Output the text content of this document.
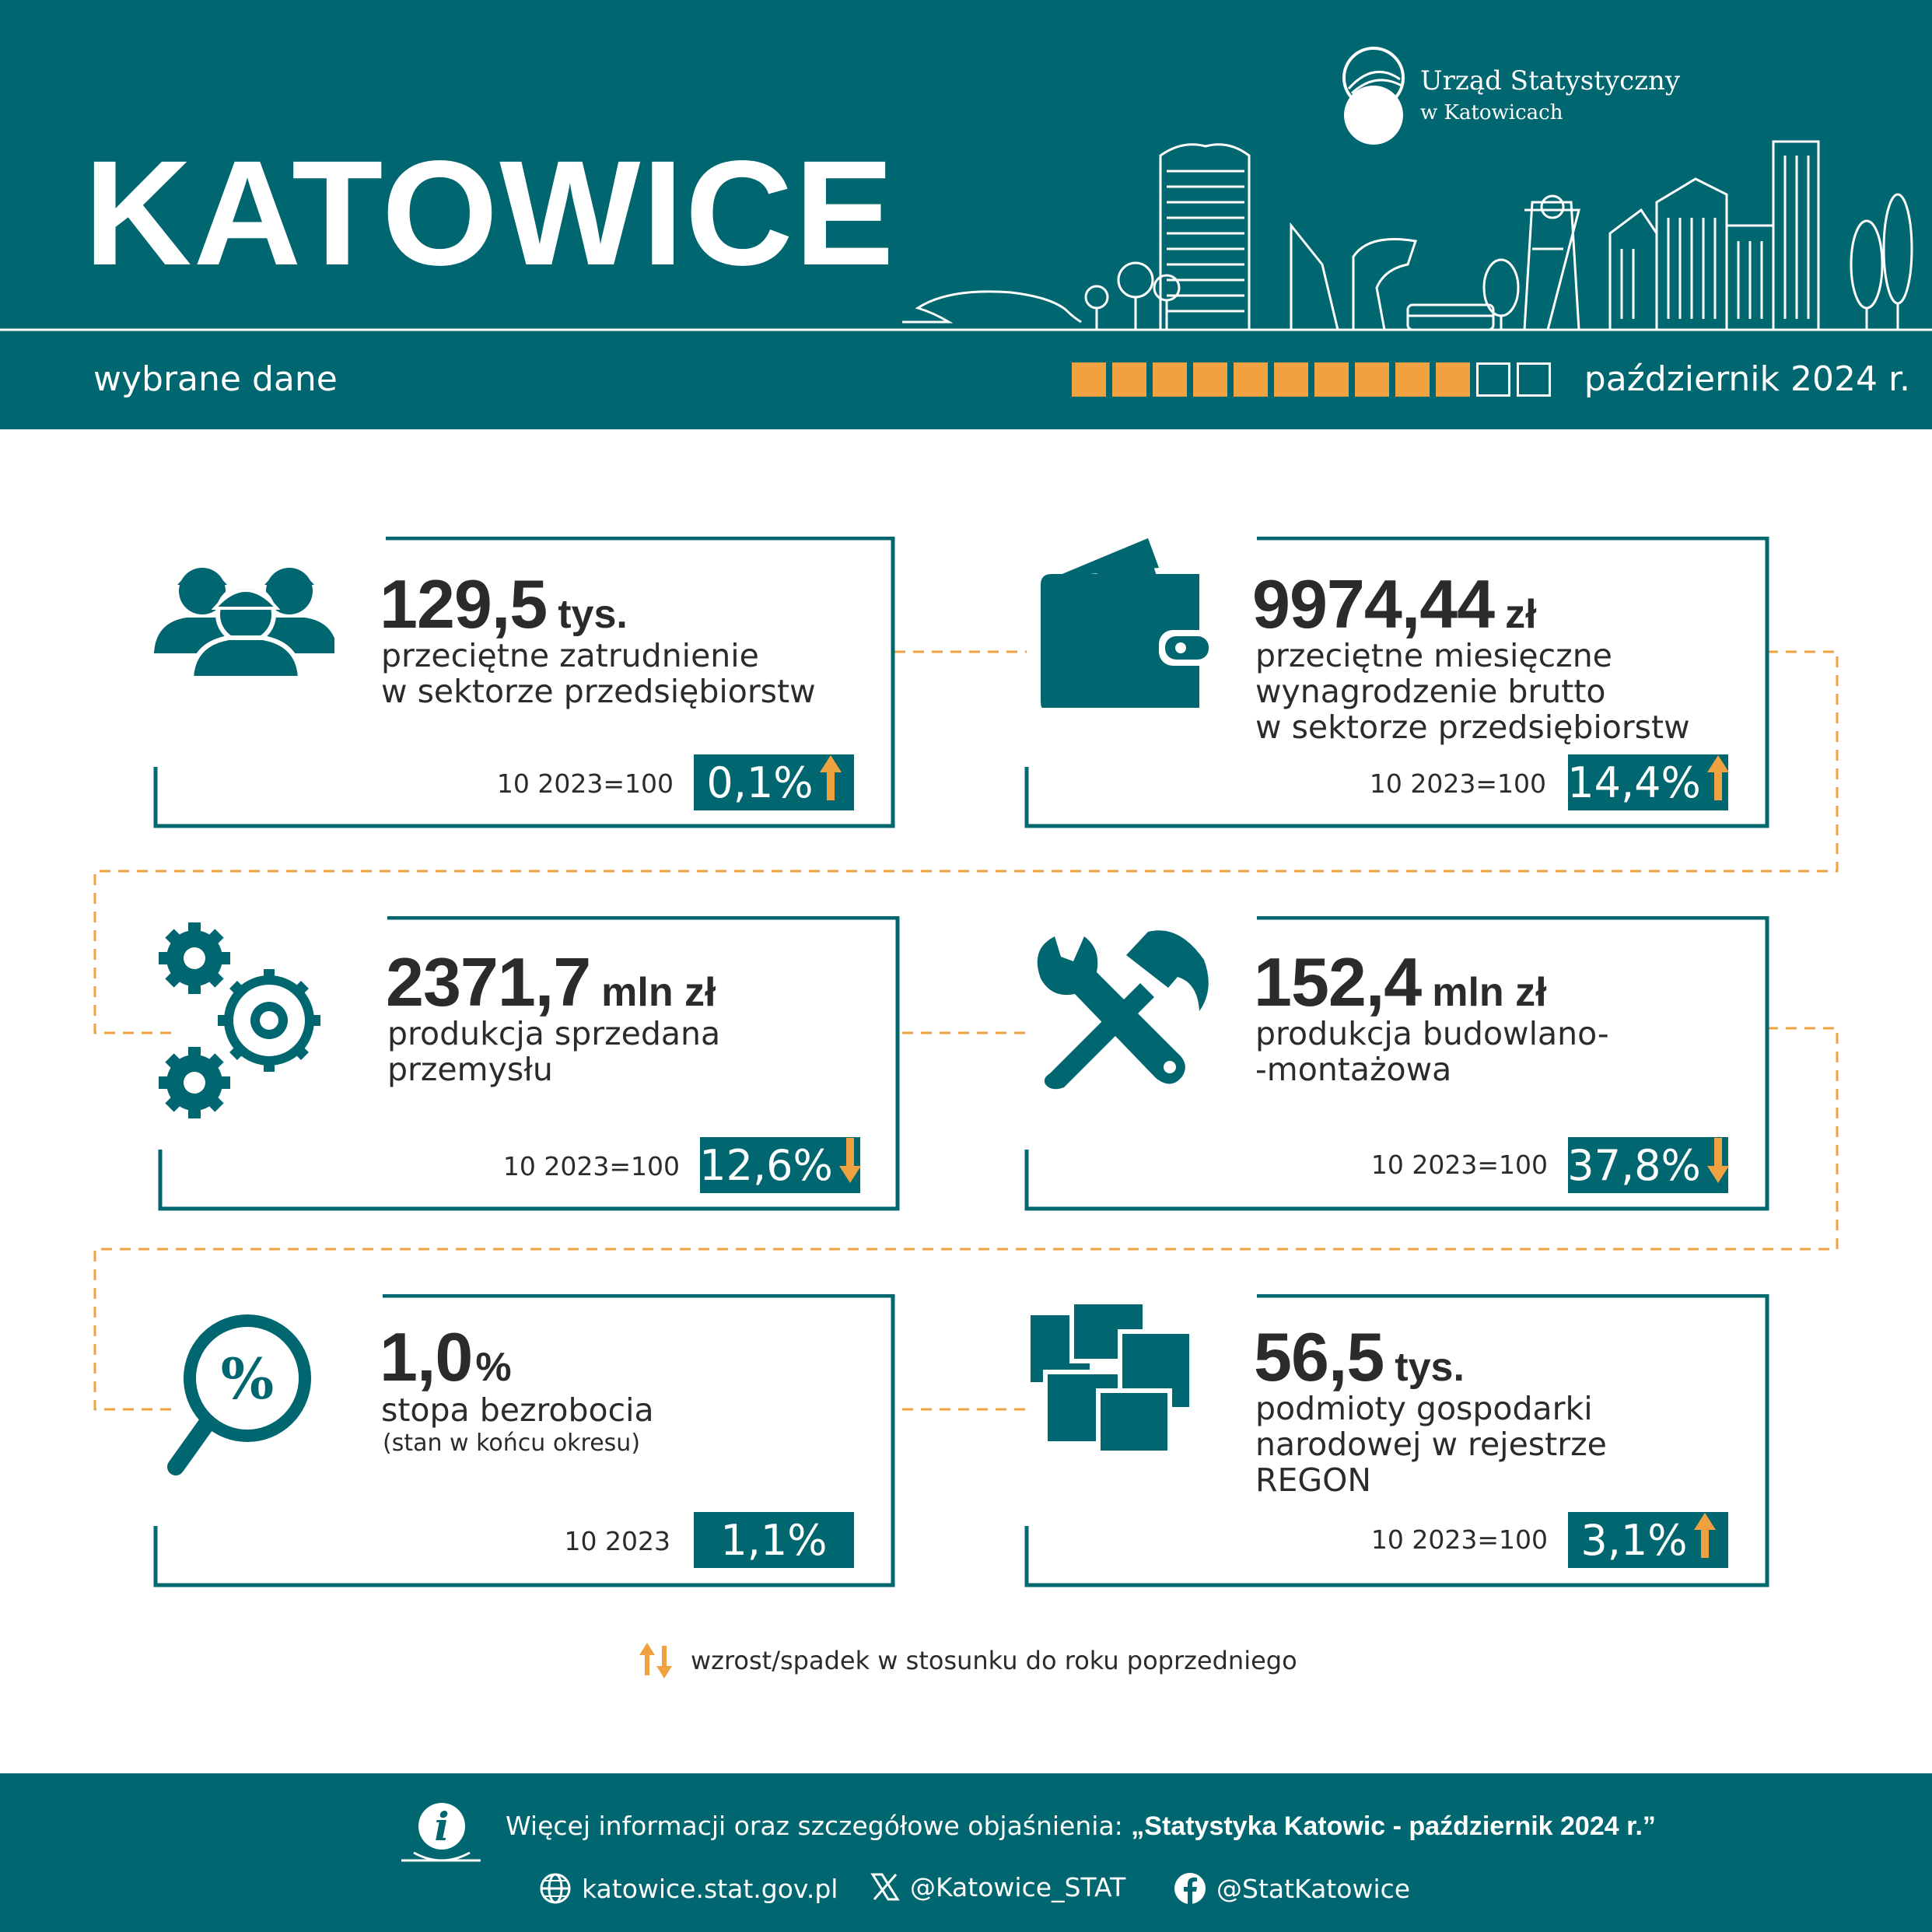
KATOWICE
wybrane dane	październik 2024 r.
Urząd Statystyczny
w Katowicach
129,5 tys.
przeciętne zatrudnienie
w sektorze przedsiębiorstw
10 2023=100 0,1%
9974,44 zł
przeciętne miesięczne
wynagrodzenie brutto
w sektorze przedsiębiorstw
10 2023=100 14,4%
2371,7 mln zł
produkcja sprzedana
przemysłu
10 2023=100 12,6%
152,4 mln zł
produkcja budowlano-
-montażowa
10 2023=100 37,8%
1,0%
stopa bezrobocia
(stan w końcu okresu)
10 2023 1,1%
%	56,5 tys.
podmioty gospodarki
narodowej w rejestrze
REGON
10 2023=100 3,1%
wzrost/spadek w stosunku do roku poprzedniego
i Więcej informacji oraz szczegółowe objaśnienia: „Statystyka Katowic - październik 2024 r.”
katowice.stat.gov.pl	@Katowice_STAT	@StatKatowice
